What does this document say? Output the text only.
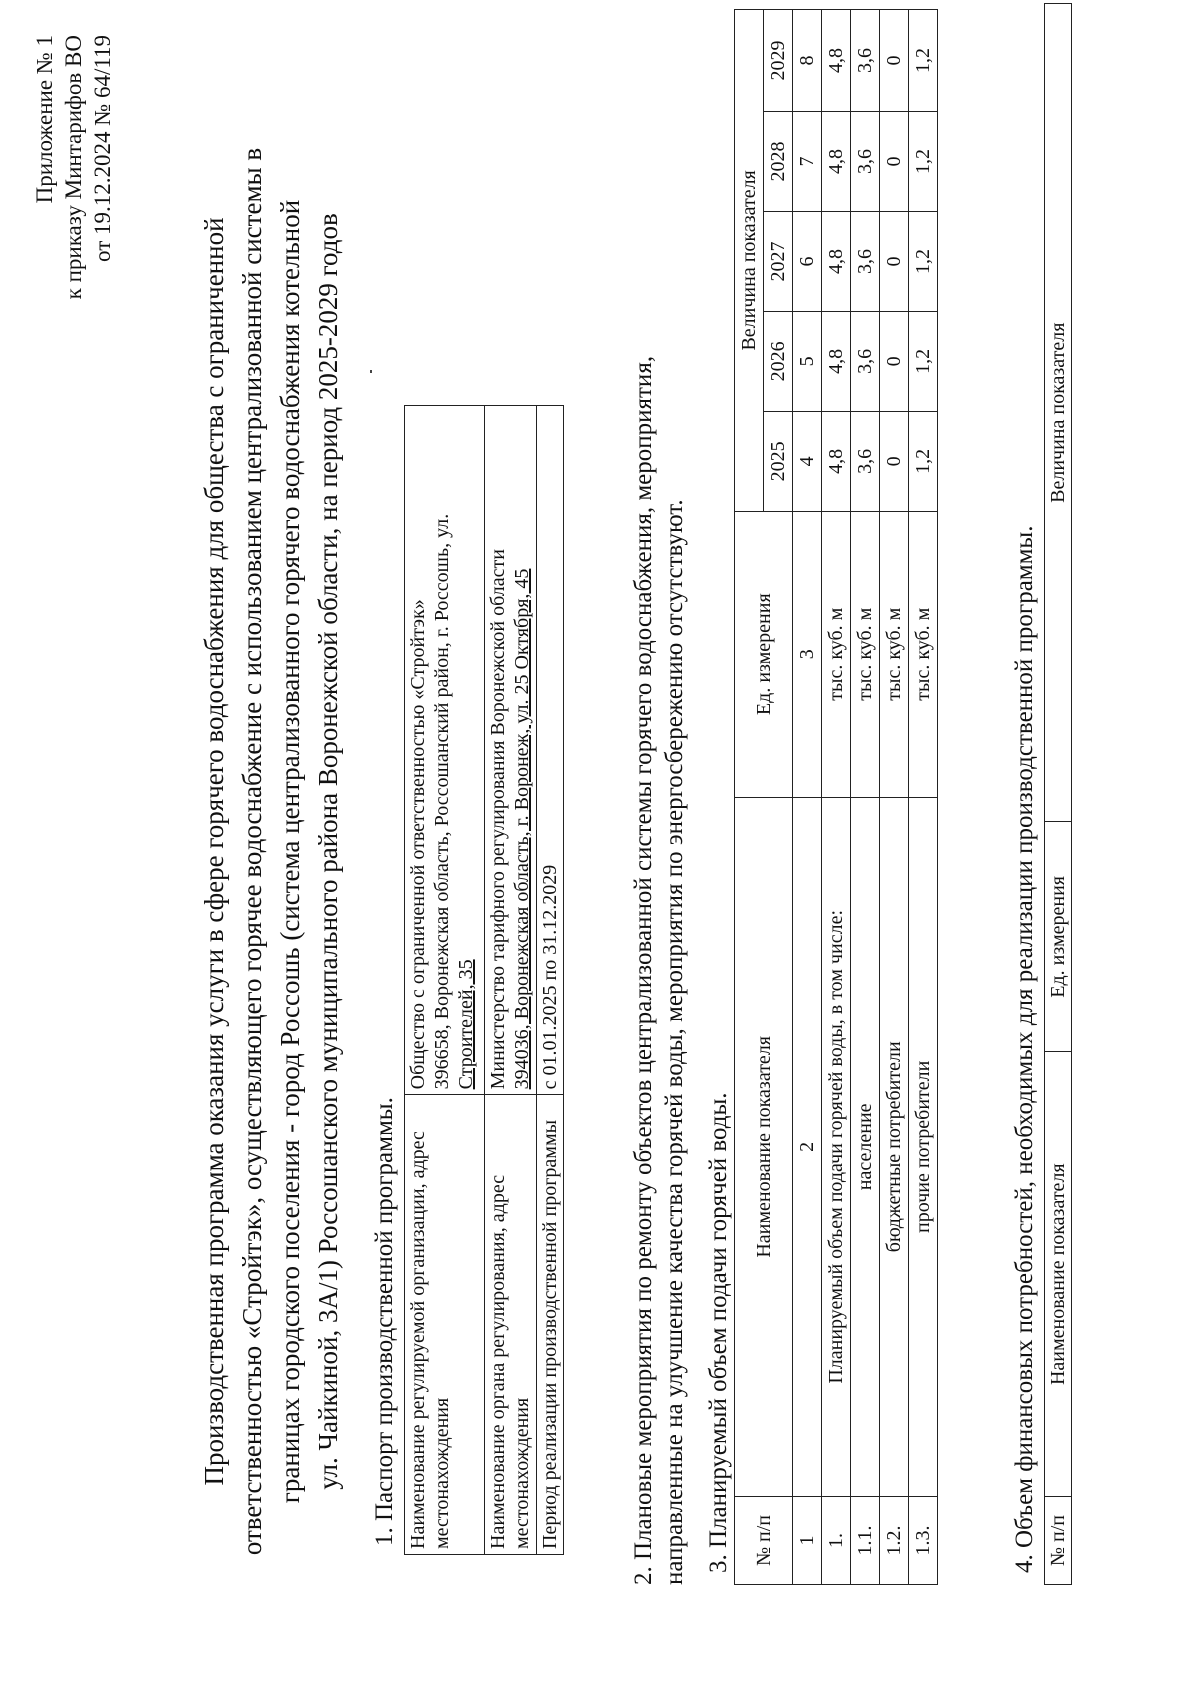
Приложение № 1 к приказу Минтарифов ВО от 19.12.2024 № 64/119
Производственная программа оказания услуги в сфере горячего водоснабжения для общества с ограниченной ответственностью «Стройтэк», осуществляющего горячее водоснабжение с использованием централизованной системы в границах городского поселения - город Россошь (система централизованного горячего водоснабжения котельной ул. Чайкиной, 3А/1) Россошанского муниципального района Воронежской области, на период 2025-2029 годов 1. Паспорт производственной программы. Наименование регулируемой организации, адрес местонахождения	Общество с ограниченной ответственностью «Стройтэк» 396658, Воронежская область, Россошанский район, г. Россошь, ул. Строителей, 35

Наименование органа регулирования, адрес местонахождения	Министерство тарифного регулирования Воронежской области 394036, Воронежская область, г. Воронеж, ул. 25 Октября, 45

Период реализации производственной программы	с 01.01.2025 по 31.12.2029	2. Плановые мероприятия по ремонту объектов централизованной системы горячего водоснабжения, мероприятия, направленные на улучшение качества горячей воды, мероприятия по энергосбережению отсутствуют. 3. Планируемый объем подачи горячей воды. № п/п	Наименование показателя	Ед. измерения	Величина показателя				
			2025	2026	2027	2028	2029
1	2	3	4	5	6	7	8
1.	Планируемый объем подачи горячей воды, в том числе:	тыс. куб. м	4,8	4,8	4,8	4,8	4,8
1.1.	население	тыс. куб. м	3,6	3,6	3,6	3,6	3,6
1.2.	бюджетные потребители	тыс. куб. м	0	0	0	0	0
1.3.	прочие потребители	тыс. куб. м	1,2	1,2	1,2	1,2	1,2
4. Объем финансовых потребностей, необходимых для реализации производственной программы. № п/п	Наименование показателя	Ед. измерения	Величина показателя
